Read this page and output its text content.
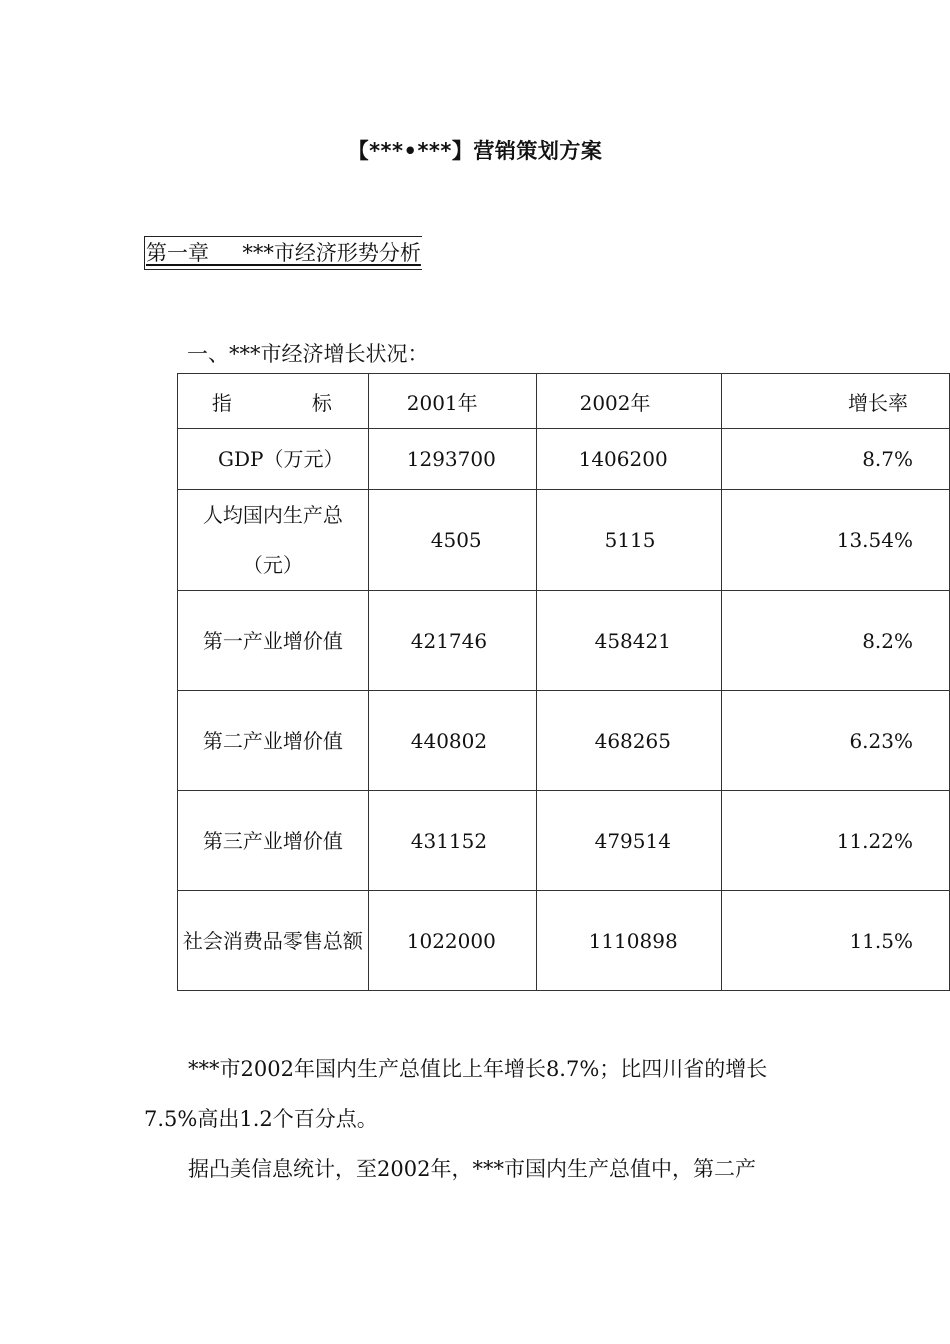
【***•***】营销策划方案
第一章     ***市经济形势分析
一、***市经济增长状况：
指　标	2001年	2002年	增长率
GDP（万元）	1293700	1406200	8.7%
人均国内生产总（元）	4505	5115	13.54%
第一产业增价值	421746	458421	8.2%
第二产业增价值	440802	468265	6.23%
第三产业增价值	431152	479514	11.22%
社会消费品零售总额	1022000	1110898	11.5%
***市2002年国内生产总值比上年增长8.7%；比四川省的增长7.5%高出1.2个百分点。
据凸美信息统计，至2002年，***市国内生产总值中，第二产
